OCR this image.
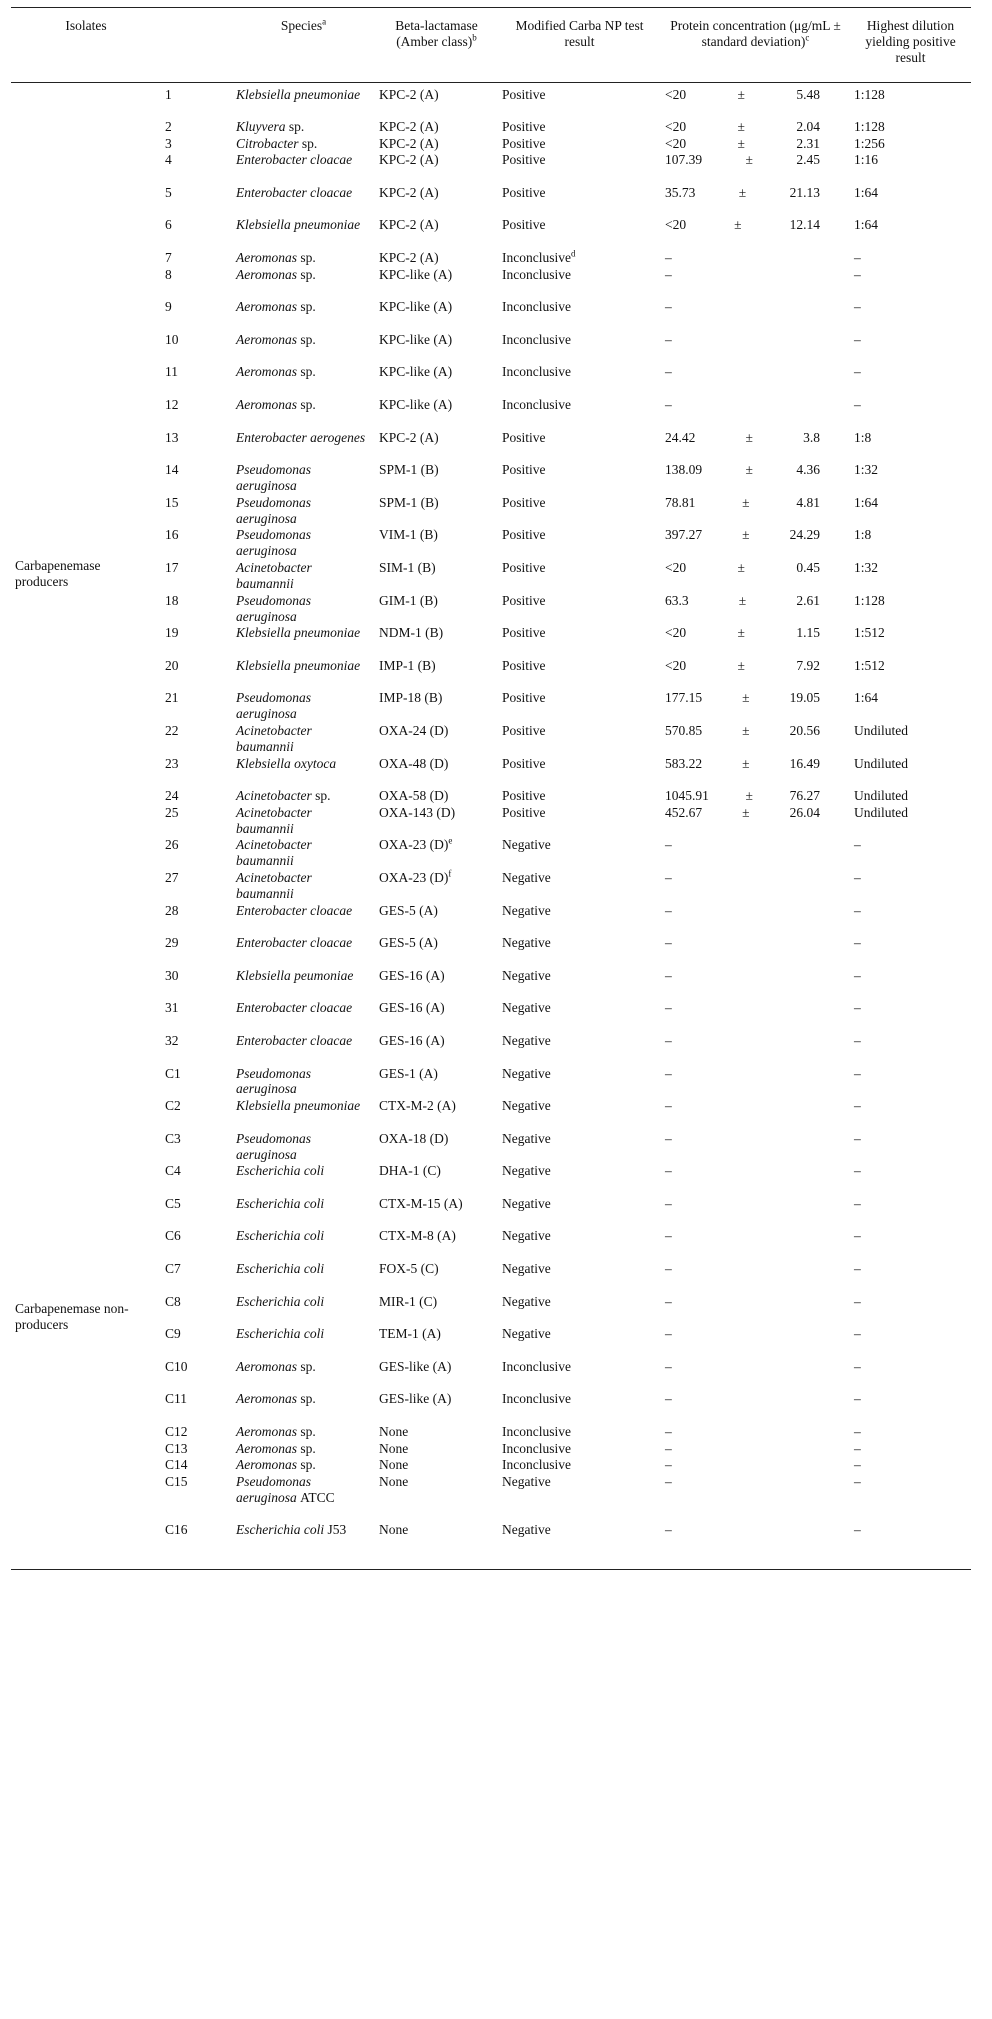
Isolates		Species$^a$	Beta-lactamase (Amber class)$^b$	Modified Carba NP test result	Protein concentration (μg/mL ± standard deviation)$^c$	Highest dilution yielding positive result
Carbapenemase producers	1	Klebsiella pneumoniae	KPC-2 (A)	Positive	<20 ± 5.48	1:128
	2	Kluyvera sp.	KPC-2 (A)	Positive	<20 ± 2.04	1:128
	3	Citrobacter sp.	KPC-2 (A)	Positive	<20 ± 2.31	1:256
	4	Enterobacter cloacae	KPC-2 (A)	Positive	107.39 ± 2.45	1:16
	5	Enterobacter cloacae	KPC-2 (A)	Positive	35.73 ± 21.13	1:64
	6	Klebsiella pneumoniae	KPC-2 (A)	Positive	<20 ± 12.14	1:64
	7	Aeromonas sp.	KPC-2 (A)	Inconclusive$^d$	–	–
	8	Aeromonas sp.	KPC-like (A)	Inconclusive	–	–
	9	Aeromonas sp.	KPC-like (A)	Inconclusive	–	–
	10	Aeromonas sp.	KPC-like (A)	Inconclusive	–	–
	11	Aeromonas sp.	KPC-like (A)	Inconclusive	–	–
	12	Aeromonas sp.	KPC-like (A)	Inconclusive	–	–
	13	Enterobacter aerogenes	KPC-2 (A)	Positive	24.42 ± 3.8	1:8
	14	Pseudomonas aeruginosa	SPM-1 (B)	Positive	138.09 ± 4.36	1:32
	15	Pseudomonas aeruginosa	SPM-1 (B)	Positive	78.81 ± 4.81	1:64
	16	Pseudomonas aeruginosa	VIM-1 (B)	Positive	397.27 ± 24.29	1:8
	17	Acinetobacter baumannii	SIM-1 (B)	Positive	<20 ± 0.45	1:32
	18	Pseudomonas aeruginosa	GIM-1 (B)	Positive	63.3 ± 2.61	1:128
	19	Klebsiella pneumoniae	NDM-1 (B)	Positive	<20 ± 1.15	1:512
	20	Klebsiella pneumoniae	IMP-1 (B)	Positive	<20 ± 7.92	1:512
	21	Pseudomonas aeruginosa	IMP-18 (B)	Positive	177.15 ± 19.05	1:64
	22	Acinetobacter baumannii	OXA-24 (D)	Positive	570.85 ± 20.56	Undiluted
	23	Klebsiella oxytoca	OXA-48 (D)	Positive	583.22 ± 16.49	Undiluted
	24	Acinetobacter sp.	OXA-58 (D)	Positive	1045.91 ± 76.27	Undiluted
	25	Acinetobacter baumannii	OXA-143 (D)	Positive	452.67 ± 26.04	Undiluted
	26	Acinetobacter baumannii	OXA-23 $(D)^e$	Negative	–	–
	27	Acinetobacter baumannii	OXA-23 $(D)^f$	Negative	–	–
	28	Enterobacter cloacae	GES-5 (A)	Negative	–	–
	29	Enterobacter cloacae	GES-5 (A)	Negative	–	–
	30	Klebsiella peumoniae	GES-16 (A)	Negative	–	–
	31	Enterobacter cloacae	GES-16 (A)	Negative	–	–
	32	Enterobacter cloacae	GES-16 (A)	Negative	–	–
Carbapenemase non-producers	C1	Pseudomonas aeruginosa	GES-1 (A)	Negative	–	–
	C2	Klebsiella pneumoniae	CTX-M-2 (A)	Negative	–	–
	C3	Pseudomonas aeruginosa	OXA-18 (D)	Negative	–	–
	C4	Escherichia coli	DHA-1 (C)	Negative	–	–
	C5	Escherichia coli	CTX-M-15 (A)	Negative	–	–
	C6	Escherichia coli	CTX-M-8 (A)	Negative	–	–
	C7	Escherichia coli	FOX-5 (C)	Negative	–	–
	C8	Escherichia coli	MIR-1 (C)	Negative	–	–
	C9	Escherichia coli	TEM-1 (A)	Negative	–	–
	C10	Aeromonas sp.	GES-like (A)	Inconclusive	–	–
	C11	Aeromonas sp.	GES-like (A)	Inconclusive	–	–
	C12	Aeromonas sp.	None	Inconclusive	–	–
	C13	Aeromonas sp.	None	Inconclusive	–	–
	C14	Aeromonas sp.	None	Inconclusive	–	–
	C15	Pseudomonas aeruginosa ATCC	None	Negative	–	–
	C16	Escherichia coli J53	None	Negative	–	–
